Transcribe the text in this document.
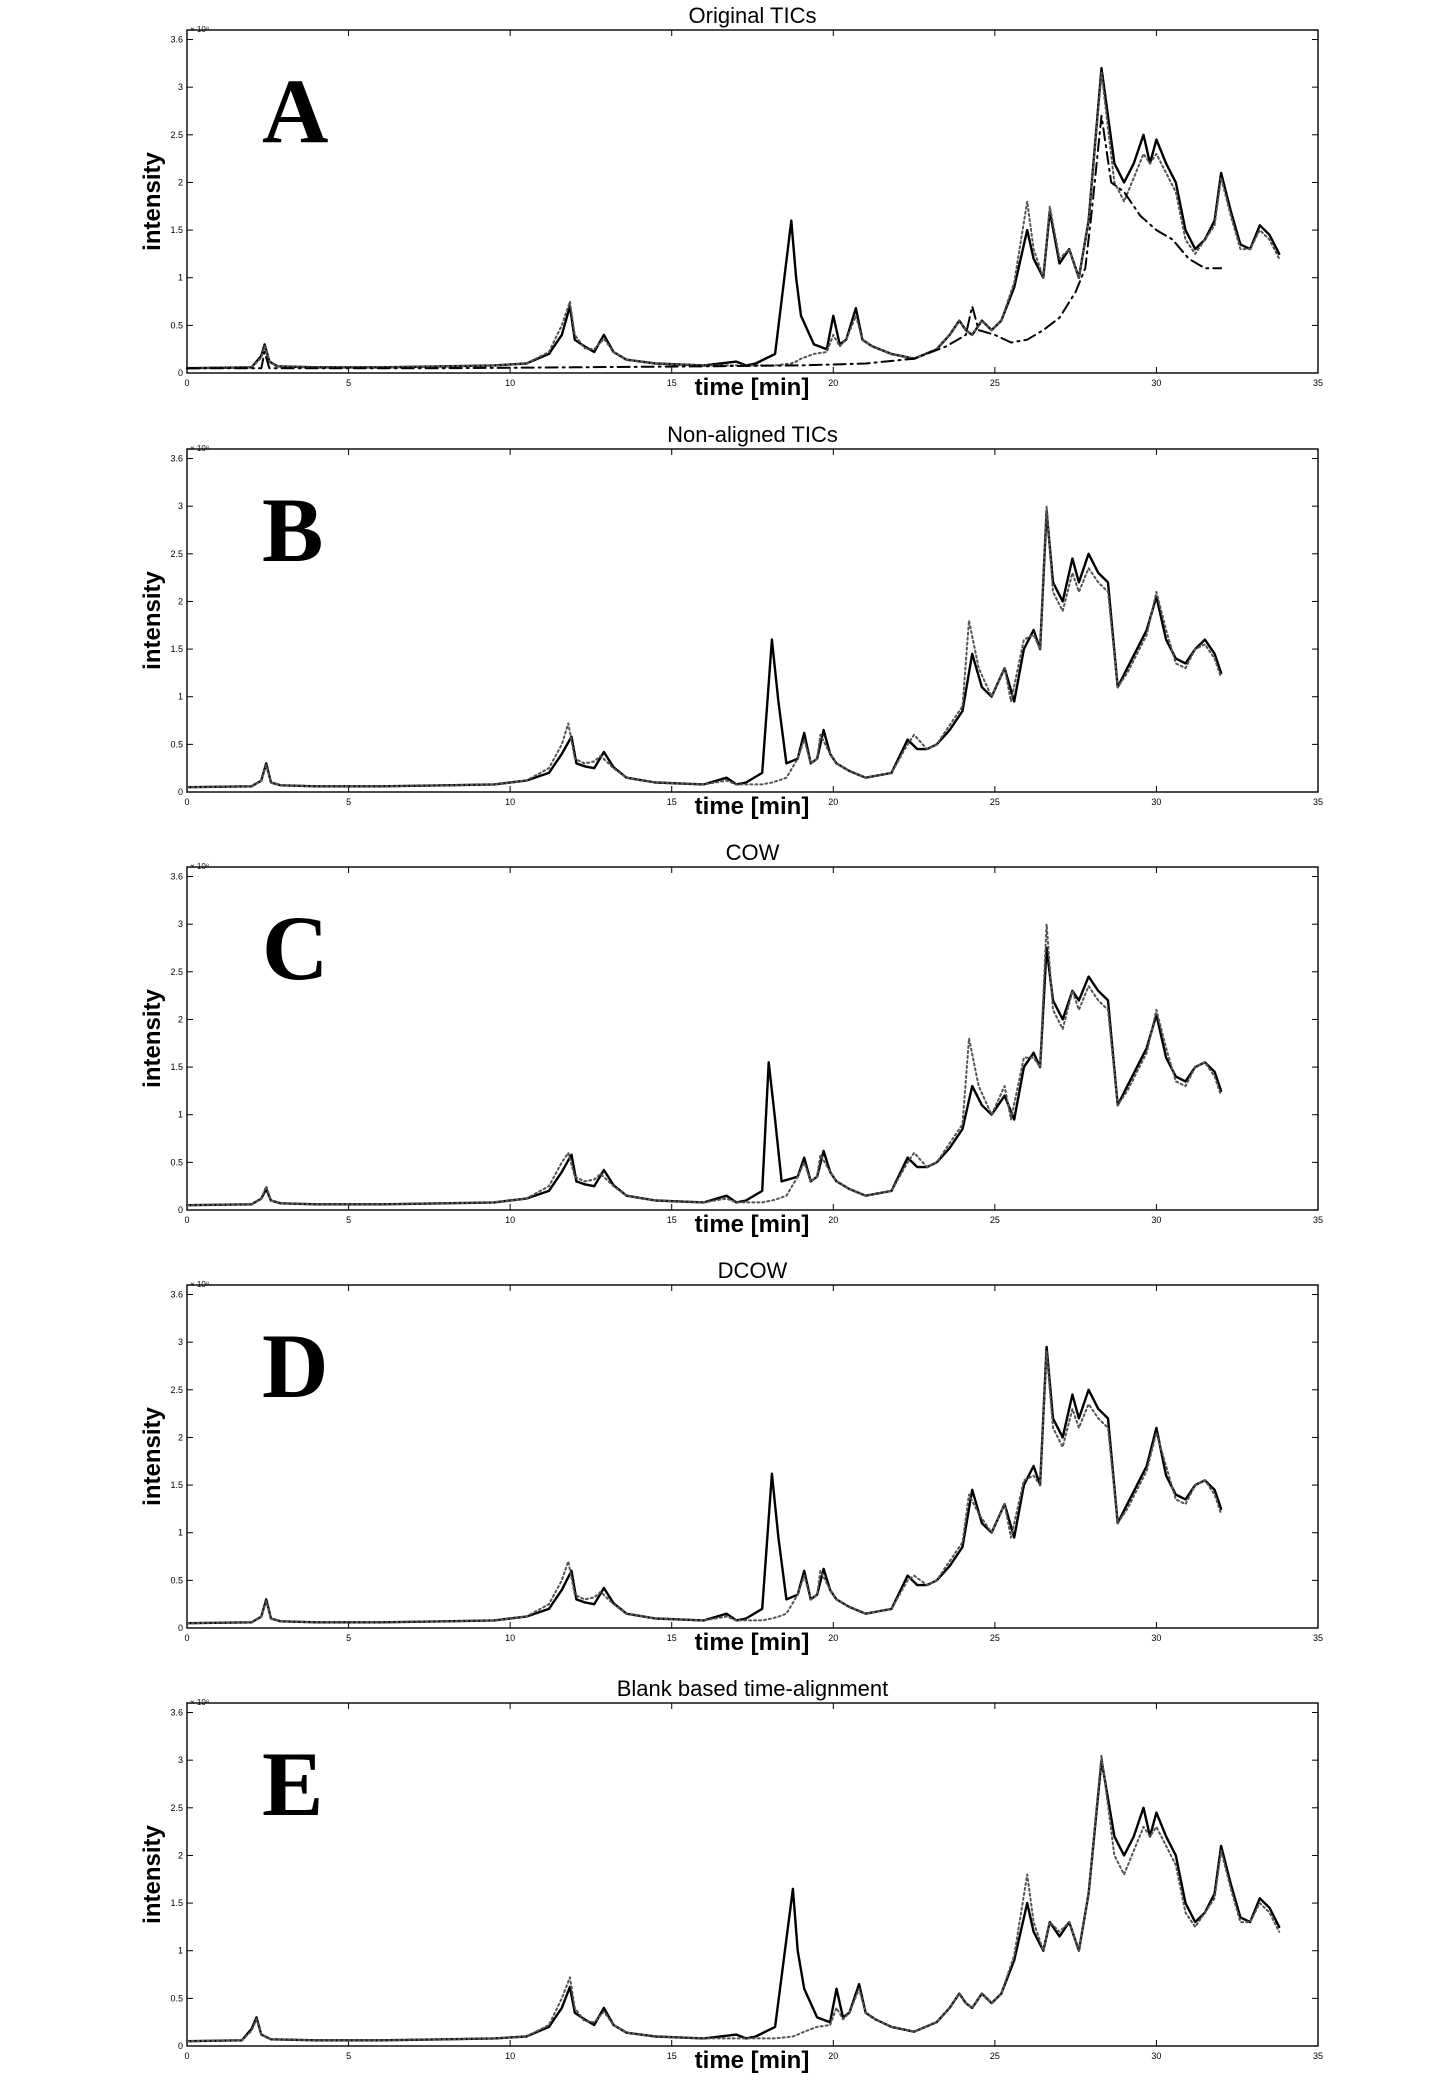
Original TICs
A
× 10⁸
0
0.5
1
1.5
2
2.5
3
3.6
0	5	10	15	20	25	30	35
time [min]
intensity
Non-aligned TICs
B
× 10⁸
0
0.5
1
1.5
2
2.5
3
3.6
0	5	10	15	20	25	30	35
time [min]
intensity
COW
C
× 10⁸
0
0.5
1
1.5
2
2.5
3
3.6
0	5	10	15	20	25	30	35
time [min]
intensity
DCOW
D
× 10⁸
0
0.5
1
1.5
2
2.5
3
3.6
0	5	10	15	20	25	30	35
time [min]
intensity
Blank based time-alignment
E
× 10⁸
0
0.5
1
1.5
2
2.5
3
3.6
0	5	10	15	20	25	30	35
time [min]
intensity
